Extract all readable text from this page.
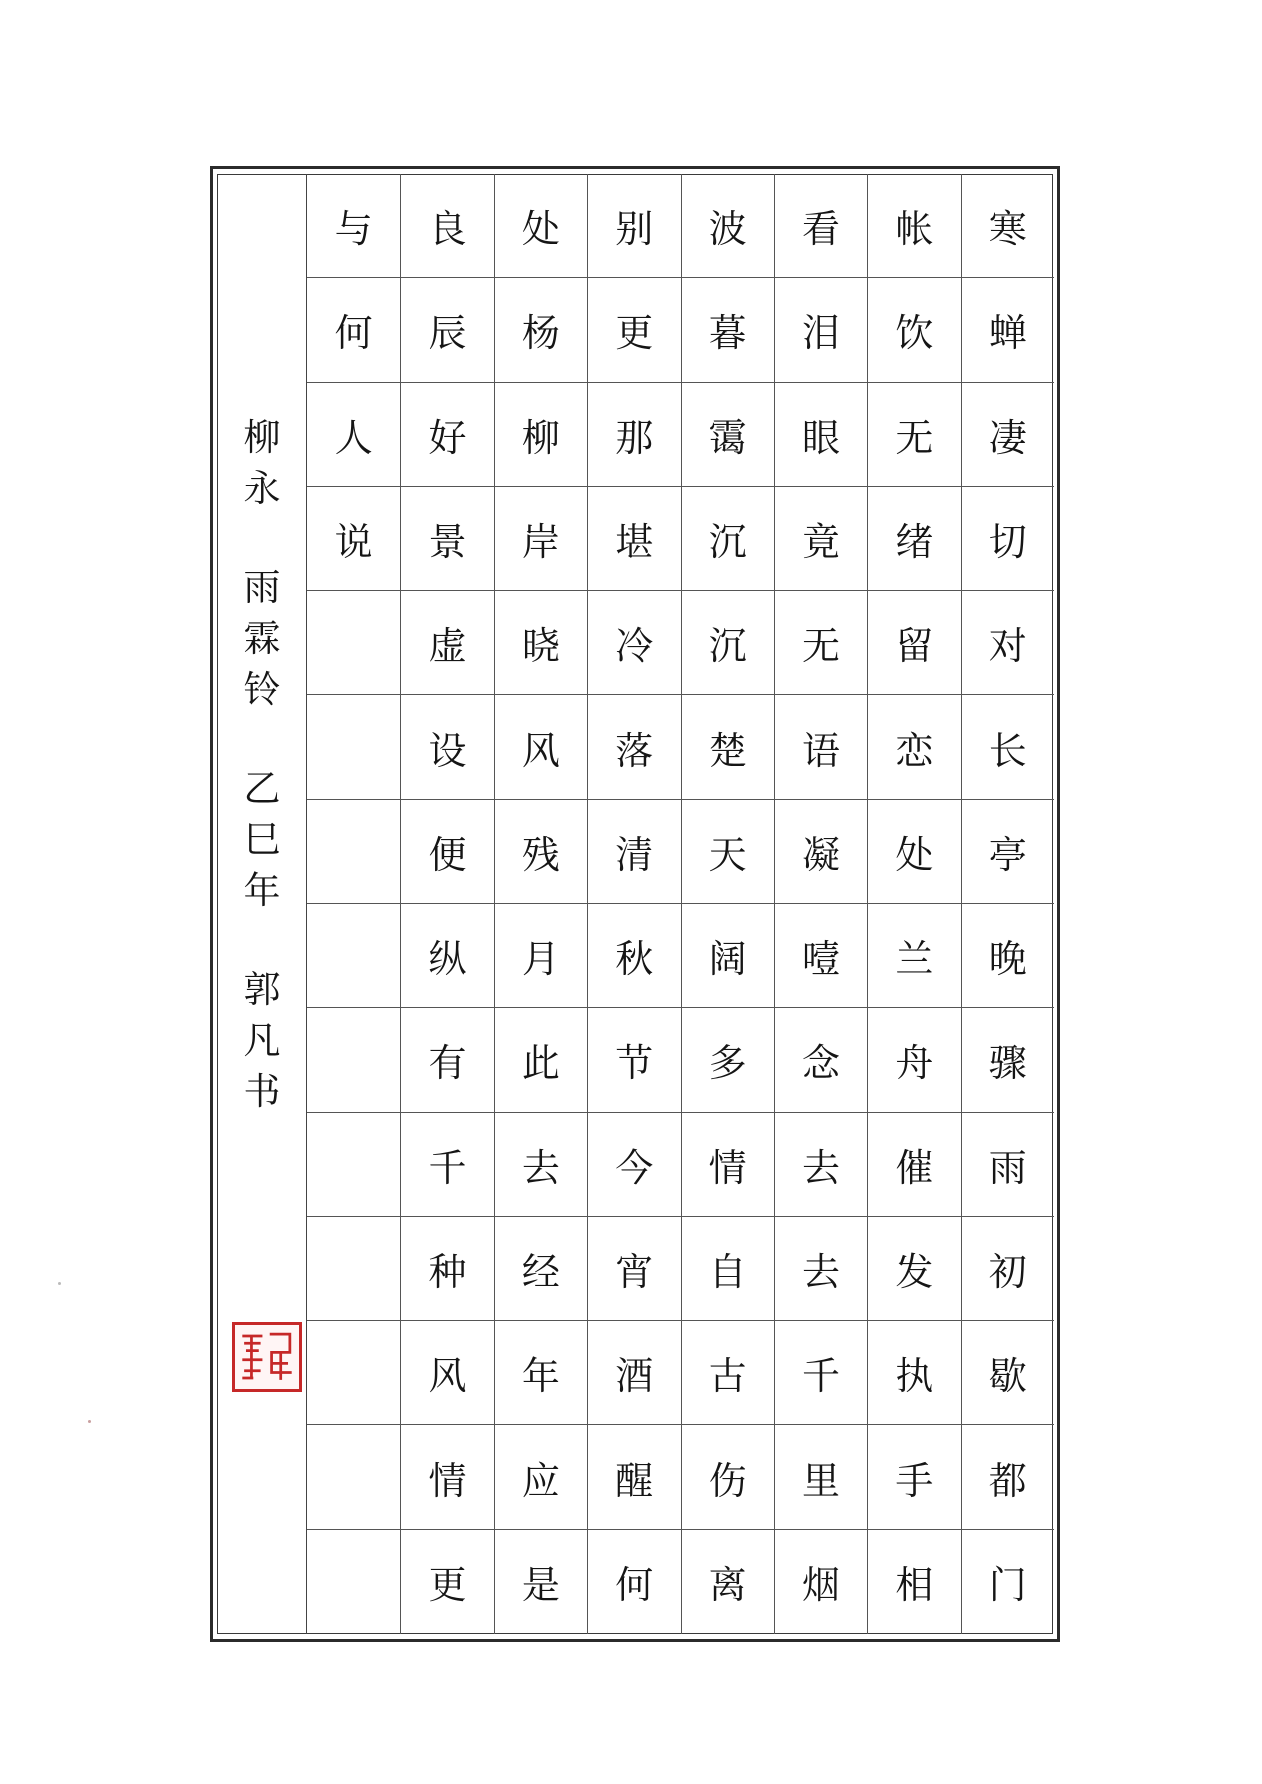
与
何
人
说
良
辰
好
景
虚
设
便
纵
有
千
种
风
情
更
处
杨
柳
岸
晓
风
残
月
此
去
经
年
应
是
别
更
那
堪
冷
落
清
秋
节
今
宵
酒
醒
何
波
暮
霭
沉
沉
楚
天
阔
多
情
自
古
伤
离
看
泪
眼
竟
无
语
凝
噎
念
去
去
千
里
烟
帐
饮
无
绪
留
恋
处
兰
舟
催
发
执
手
相
寒
蝉
凄
切
对
长
亭
晚
骤
雨
初
歇
都
门
柳
永
雨
霖
铃
乙
巳
年
郭
凡
书
